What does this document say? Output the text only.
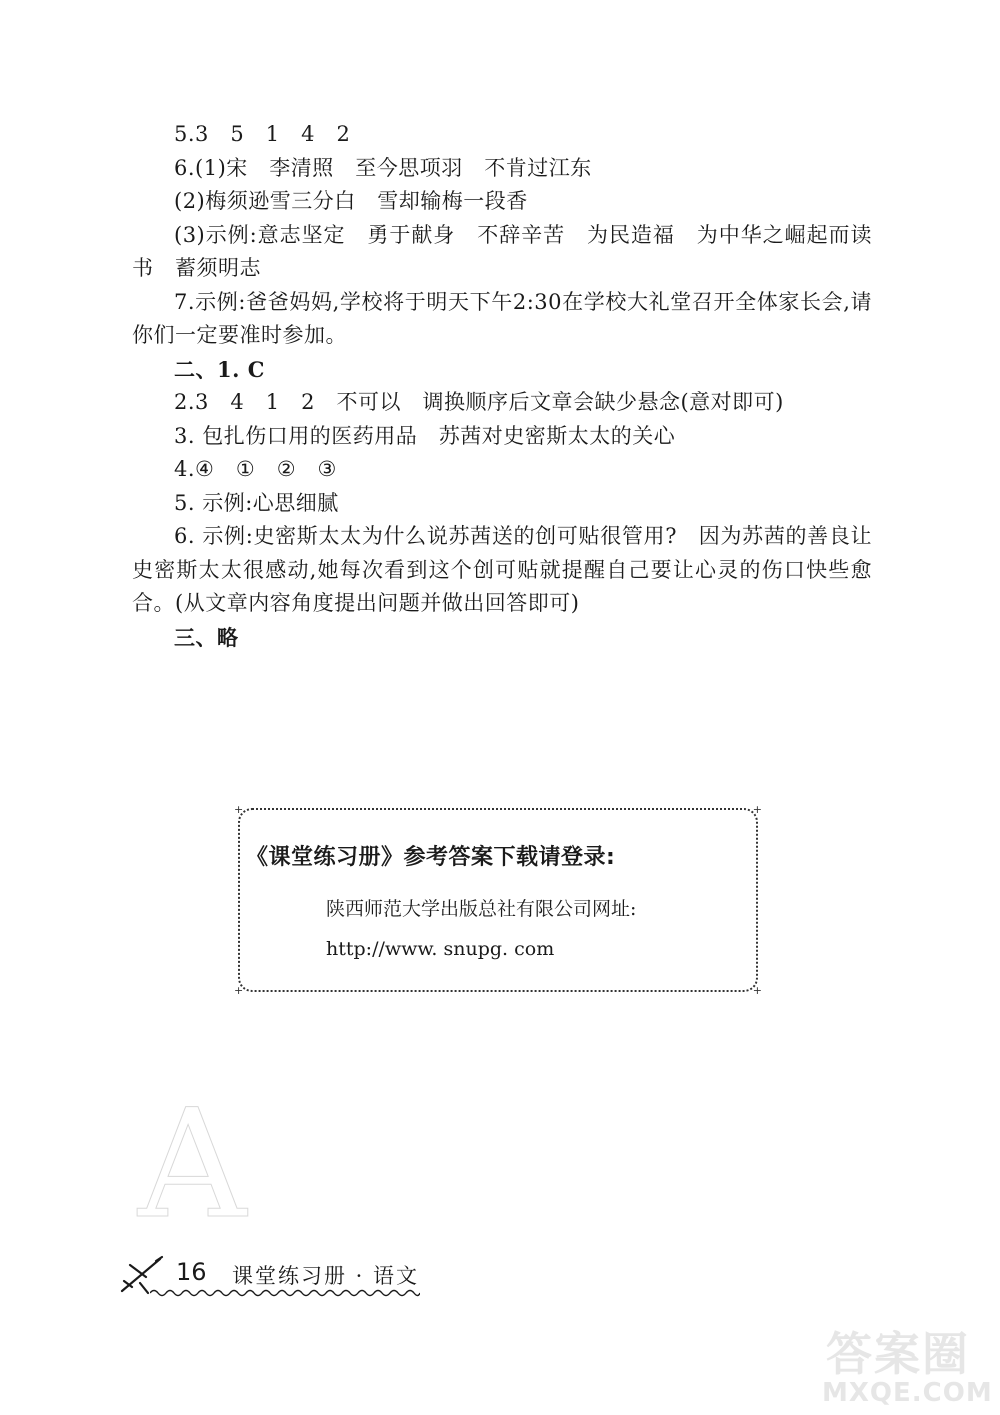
5.3　5　1　4　2
6.(1)宋　李清照　至今思项羽　不肯过江东
(2)梅须逊雪三分白　雪却输梅一段香
(3)示例:意志坚定　勇于献身　不辞辛苦　为民造福　为中华之崛起而读书　蓄须明志
7.示例:爸爸妈妈,学校将于明天下午2:30在学校大礼堂召开全体家长会,请你们一定要准时参加。
二、1. C
2.3　4　1　2　不可以　调换顺序后文章会缺少悬念(意对即可)
3. 包扎伤口用的医药用品　苏茜对史密斯太太的关心
4.④　①　②　③
5. 示例:心思细腻
6. 示例:史密斯太太为什么说苏茜送的创可贴很管用?　因为苏茜的善良让史密斯太太很感动,她每次看到这个创可贴就提醒自己要让心灵的伤口快些愈合。(从文章内容角度提出问题并做出回答即可)
三、略
+	+
+	+
《课堂练习册》参考答案下载请登录:
陕西师范大学出版总社有限公司网址:
http://www. snupg. com
A
16 课堂练习册 · 语文
答案圈
MXQE.COM
